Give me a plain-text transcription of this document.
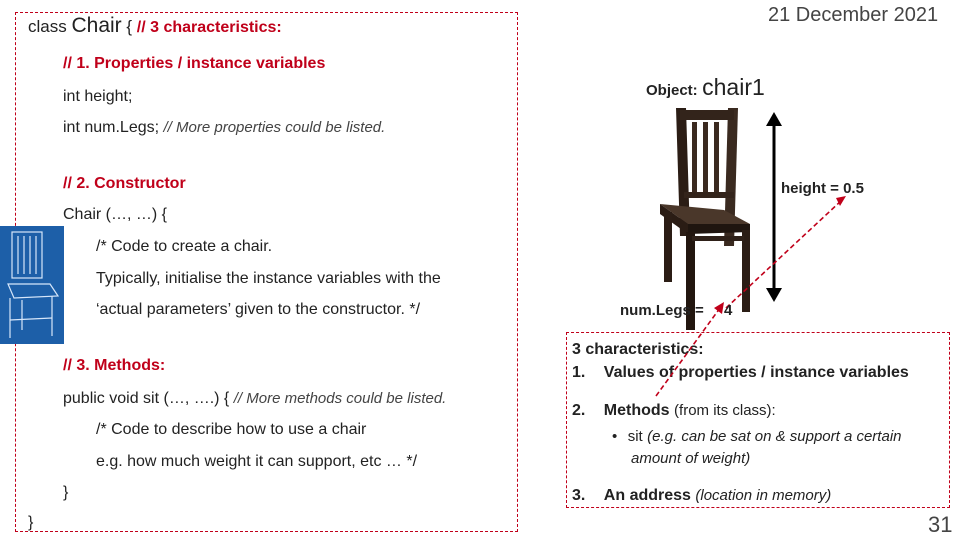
21 December 2021
31
class Chair { // 3 characteristics:
// 1. Properties / instance variables
int height;
int num.Legs; // More properties could be listed.
// 2. Constructor
Chair (…, …) {
/* Code to create a chair.
Typically, initialise the instance variables with the
‘actual parameters’ given to the constructor. */
// 3. Methods:
public void sit (…, ….) { // More methods could be listed.
/* Code to describe how to use a chair
e.g. how much weight it can support, etc … */
}
}
Object: chair1
height = 0.5
num.Legs = 4
3 characteristics:
1. Values of properties / instance variables
2. Methods (from its class):
• sit (e.g. can be sat on & support a certain
amount of weight)
3. An address (location in memory)
